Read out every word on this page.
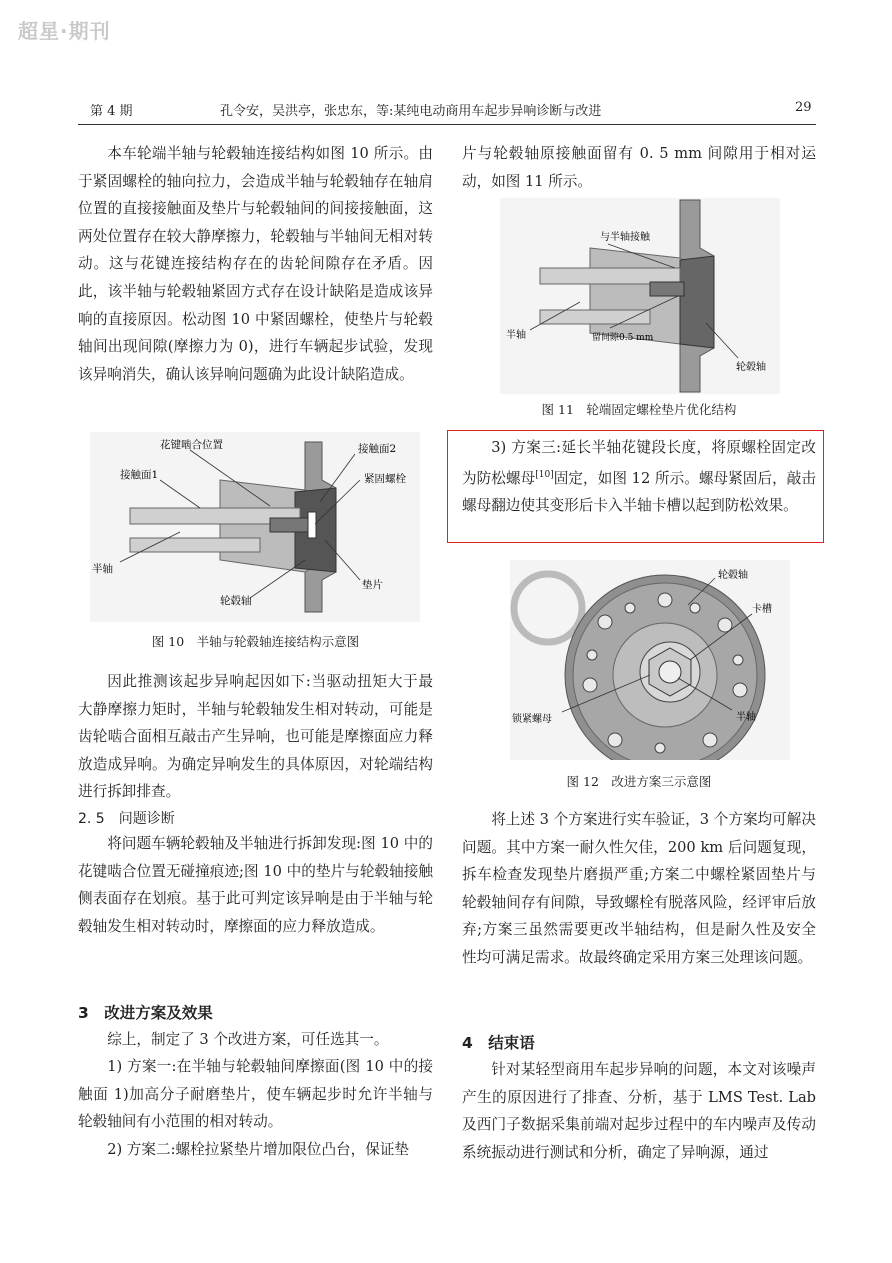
超星·期刊
第 4 期	孔令安，吴洪亭，张忠东，等:某纯电动商用车起步异响诊断与改进	29

本车轮端半轴与轮毂轴连接结构如图 10 所示。由于紧固螺栓的轴向拉力，会造成半轴与轮毂轴存在轴肩位置的直接接触面及垫片与轮毂轴间的间接接触面，这两处位置存在较大静摩擦力，轮毂轴与半轴间无相对转动。这与花键连接结构存在的齿轮间隙存在矛盾。因此，该半轴与轮毂轴紧固方式存在设计缺陷是造成该异响的直接原因。松动图 10 中紧固螺栓，使垫片与轮毂轴间出现间隙(摩擦力为 0)，进行车辆起步试验，发现该异响消失，确认该异响问题确为此设计缺陷造成。

花键啮合位置
接触面1
接触面2
紧固螺栓
半轴
轮毂轴
垫片
图 10　半轴与轮毂轴连接结构示意图

因此推测该起步异响起因如下:当驱动扭矩大于最大静摩擦力矩时，半轴与轮毂轴发生相对转动，可能是齿轮啮合面相互敲击产生异响，也可能是摩擦面应力释放造成异响。为确定异响发生的具体原因，对轮端结构进行拆卸排查。

2. 5　问题诊断

将问题车辆轮毂轴及半轴进行拆卸发现:图 10 中的花键啮合位置无碰撞痕迹;图 10 中的垫片与轮毂轴接触侧表面存在划痕。基于此可判定该异响是由于半轴与轮毂轴发生相对转动时，摩擦面的应力释放造成。

3　改进方案及效果

综上，制定了 3 个改进方案，可任选其一。

1) 方案一:在半轴与轮毂轴间摩擦面(图 10 中的接触面 1)加高分子耐磨垫片，使车辆起步时允许半轴与轮毂轴间有小范围的相对转动。

2) 方案二:螺栓拉紧垫片增加限位凸台，保证垫

片与轮毂轴原接触面留有 0. 5 mm 间隙用于相对运动，如图 11 所示。

与半轴接触
半轴	留间隙0.5 mm
轮毂轴
图 11　轮端固定螺栓垫片优化结构

3) 方案三:延长半轴花键段长度，将原螺栓固定改为防松螺母[10]固定，如图 12 所示。螺母紧固后，敲击螺母翻边使其变形后卡入半轴卡槽以起到防松效果。

轮毂轴
卡槽
锁紧螺母	半轴
图 12　改进方案三示意图

将上述 3 个方案进行实车验证，3 个方案均可解决问题。其中方案一耐久性欠佳，200 km 后问题复现，拆车检查发现垫片磨损严重;方案二中螺栓紧固垫片与轮毂轴间存有间隙，导致螺栓有脱落风险，经评审后放弃;方案三虽然需要更改半轴结构，但是耐久性及安全性均可满足需求。故最终确定采用方案三处理该问题。

4　结束语

针对某轻型商用车起步异响的问题，本文对该噪声产生的原因进行了排查、分析，基于 LMS Test. Lab 及西门子数据采集前端对起步过程中的车内噪声及传动系统振动进行测试和分析，确定了异响源，通过
